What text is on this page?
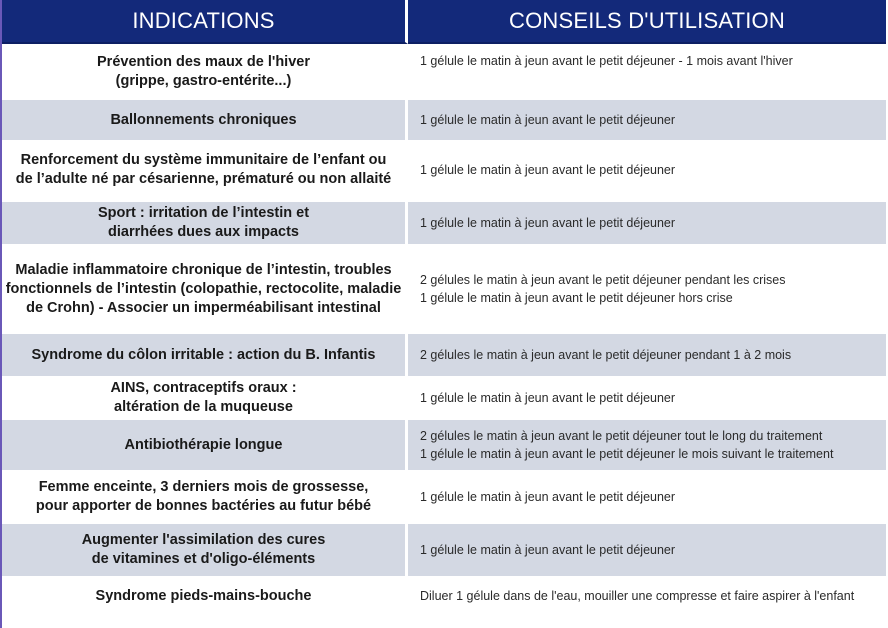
INDICATIONS	CONSEILS D'UTILISATION

Prévention des maux de l'hiver
(grippe, gastro-entérite...)	1 gélule le matin à jeun avant le petit déjeuner - 1 mois avant l'hiver

Ballonnements chroniques	1 gélule le matin à jeun avant le petit déjeuner

Renforcement du système immunitaire de l’enfant ou
de l’adulte né par césarienne, prématuré ou non allaité	1 gélule le matin à jeun avant le petit déjeuner

Sport : irritation de l’intestin et
diarrhées dues aux impacts	1 gélule le matin à jeun avant le petit déjeuner

Maladie inflammatoire chronique de l’intestin, troubles
fonctionnels de l’intestin (colopathie, rectocolite, maladie
de Crohn) - Associer un imperméabilisant intestinal	2 gélules le matin à jeun avant le petit déjeuner pendant les crises
1 gélule le matin à jeun avant le petit déjeuner hors crise

Syndrome du côlon irritable : action du B. Infantis	2 gélules le matin à jeun avant le petit déjeuner pendant 1 à 2 mois

AINS, contraceptifs oraux :
altération de la muqueuse	1 gélule le matin à jeun avant le petit déjeuner

Antibiothérapie longue	2 gélules le matin à jeun avant le petit déjeuner tout le long du traitement
1 gélule le matin à jeun avant le petit déjeuner le mois suivant le traitement

Femme enceinte, 3 derniers mois de grossesse,
pour apporter de bonnes bactéries au futur bébé	1 gélule le matin à jeun avant le petit déjeuner

Augmenter l'assimilation des cures
de vitamines et d'oligo-éléments	1 gélule le matin à jeun avant le petit déjeuner

Syndrome pieds-mains-bouche	Diluer 1 gélule dans de l'eau, mouiller une compresse et faire aspirer à l'enfant
